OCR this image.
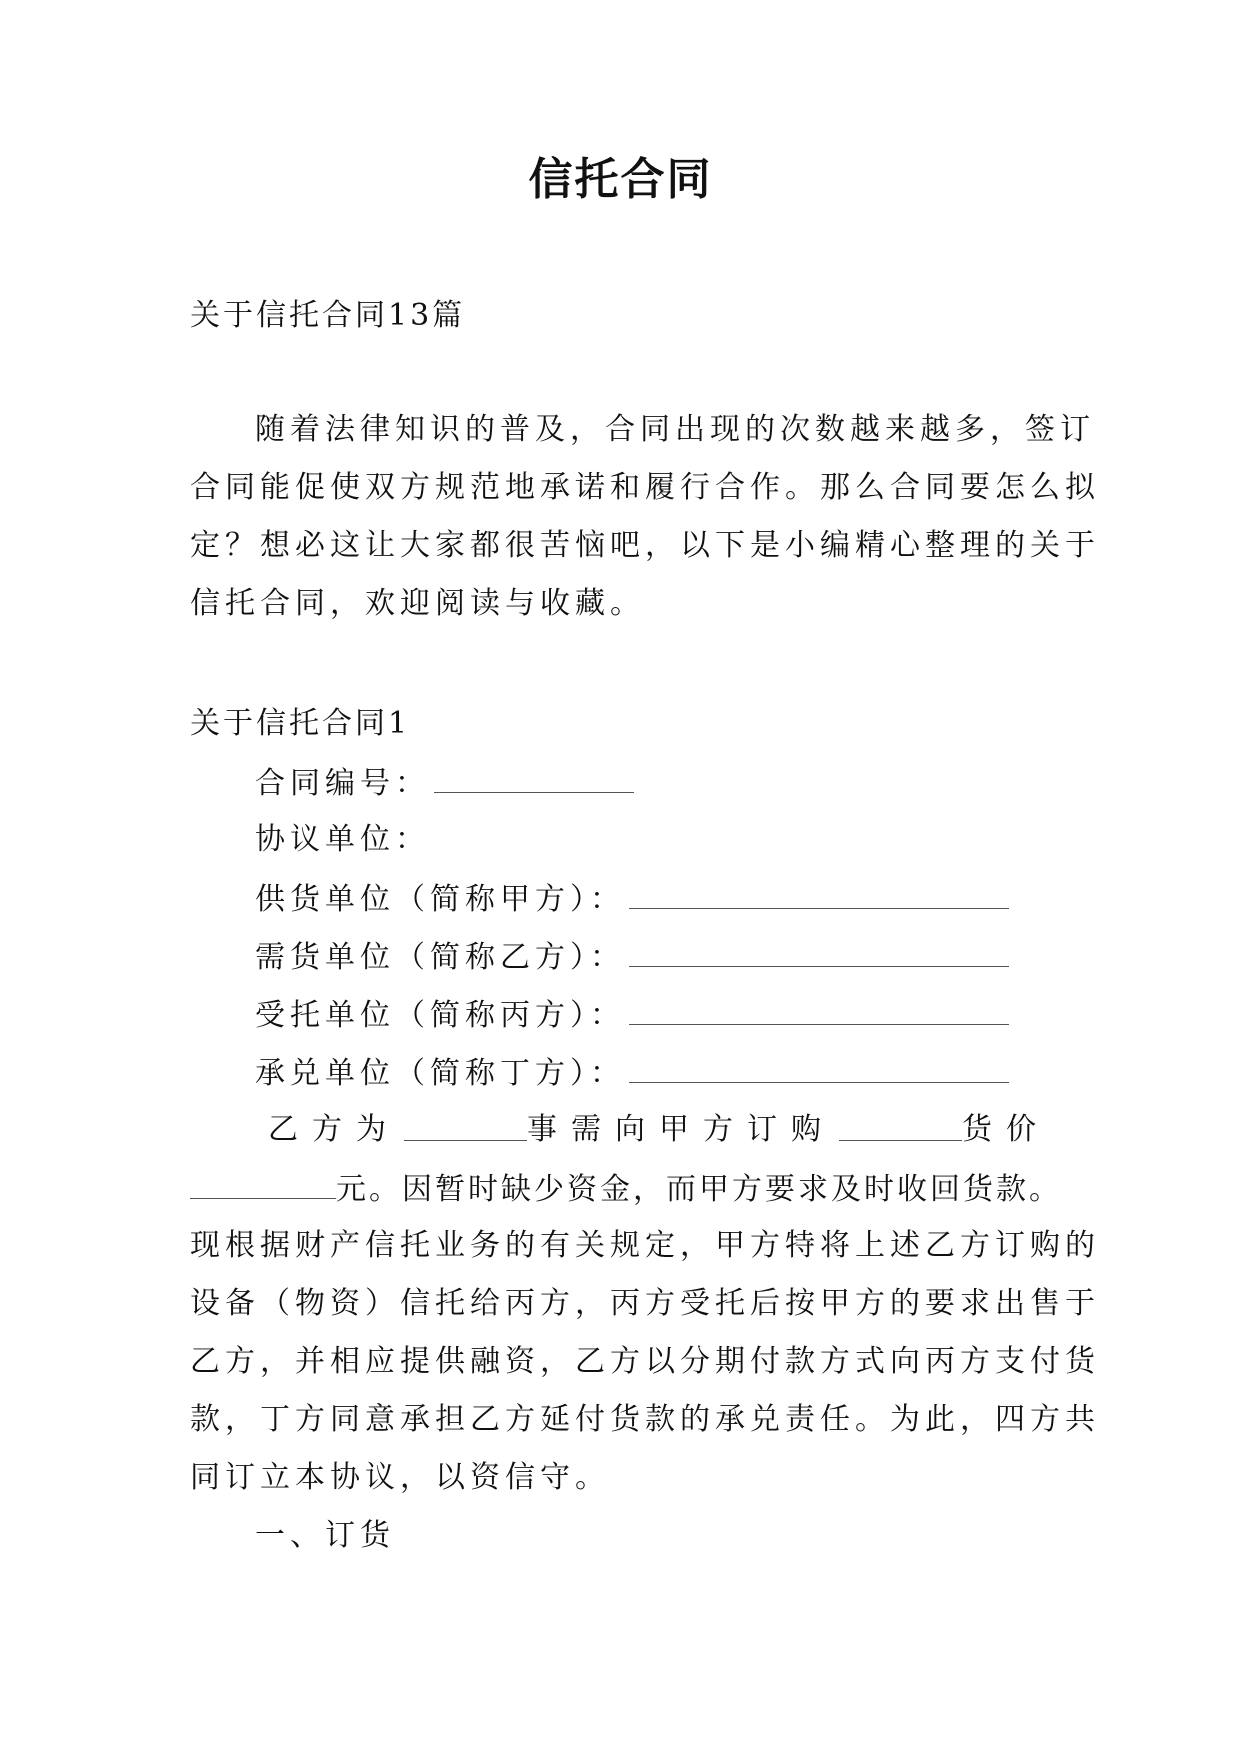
信托合同
关于信托合同13篇
随着法律知识的普及，合同出现的次数越来越多，签订
合同能促使双方规范地承诺和履行合作。那么合同要怎么拟
定？想必这让大家都很苦恼吧，以下是小编精心整理的关于
信托合同，欢迎阅读与收藏。
关于信托合同1
合同编号：
协议单位：
供货单位（简称甲方）：
需货单位（简称乙方）：
受托单位（简称丙方）：
承兑单位（简称丁方）：
乙方为	事需向甲方订购	货价
元。因暂时缺少资金，而甲方要求及时收回货款。
现根据财产信托业务的有关规定，甲方特将上述乙方订购的
设备（物资）信托给丙方，丙方受托后按甲方的要求出售于
乙方，并相应提供融资，乙方以分期付款方式向丙方支付货
款，丁方同意承担乙方延付货款的承兑责任。为此，四方共
同订立本协议，以资信守。
一、订货
